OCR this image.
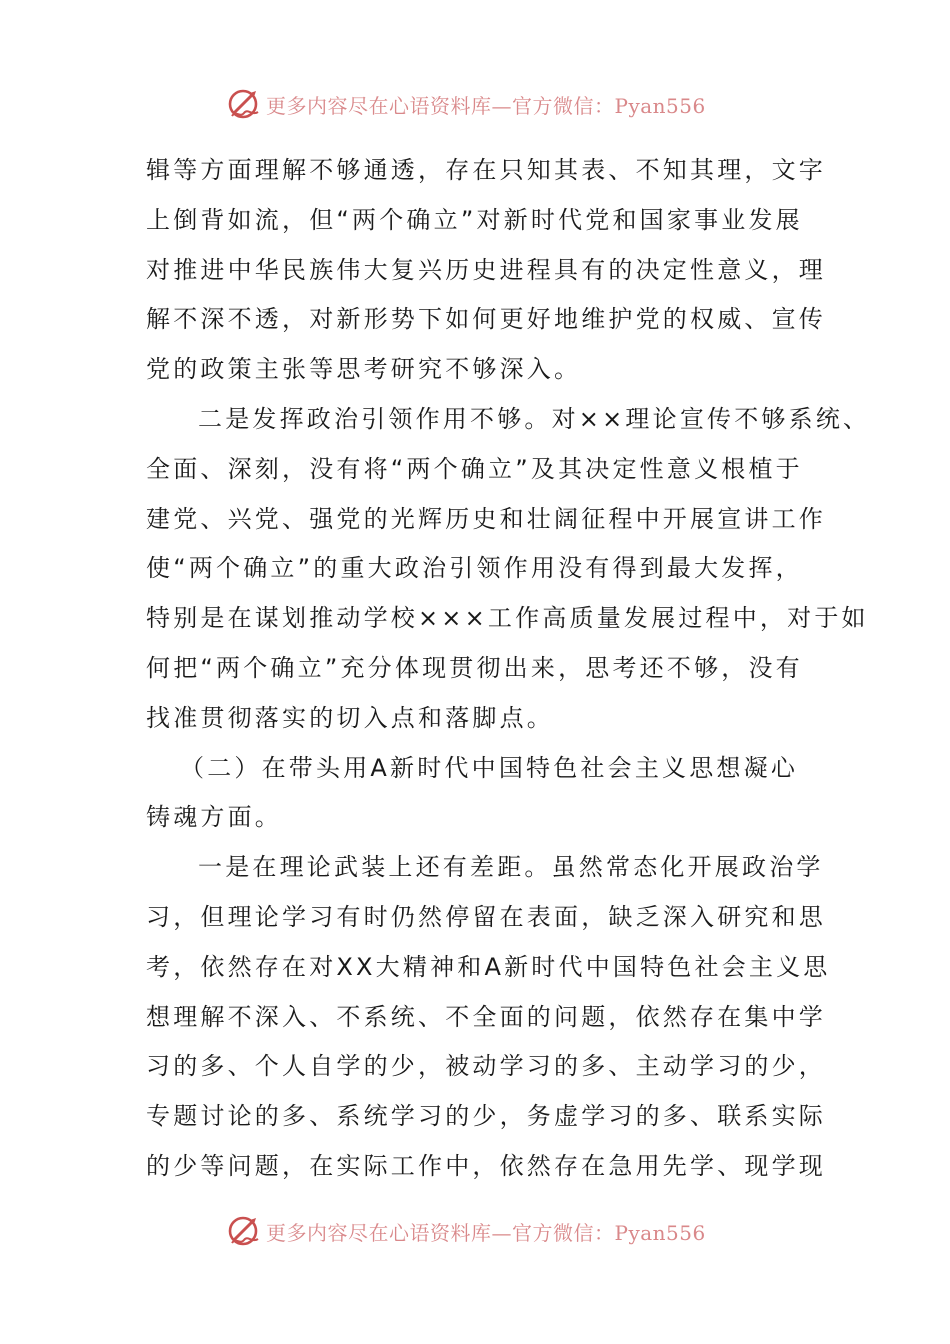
更多内容尽在心语资料库—官方微信：Pyan556
辑等方面理解不够通透，存在只知其表、不知其理，文字
上倒背如流，但“两个确立”对新时代党和国家事业发展
对推进中华民族伟大复兴历史进程具有的决定性意义，理
解不深不透，对新形势下如何更好地维护党的权威、宣传
党的政策主张等思考研究不够深入。
二是发挥政治引领作用不够。对××理论宣传不够系统、
全面、深刻，没有将“两个确立”及其决定性意义根植于
建党、兴党、强党的光辉历史和壮阔征程中开展宣讲工作
使“两个确立”的重大政治引领作用没有得到最大发挥，
特别是在谋划推动学校×××工作高质量发展过程中，对于如
何把“两个确立”充分体现贯彻出来，思考还不够，没有
找准贯彻落实的切入点和落脚点。
（二）在带头用A新时代中国特色社会主义思想凝心
铸魂方面。
一是在理论武装上还有差距。虽然常态化开展政治学
习，但理论学习有时仍然停留在表面，缺乏深入研究和思
考，依然存在对XX大精神和A新时代中国特色社会主义思
想理解不深入、不系统、不全面的问题，依然存在集中学
习的多、个人自学的少，被动学习的多、主动学习的少，
专题讨论的多、系统学习的少，务虚学习的多、联系实际
的少等问题，在实际工作中，依然存在急用先学、现学现
更多内容尽在心语资料库—官方微信：Pyan556
